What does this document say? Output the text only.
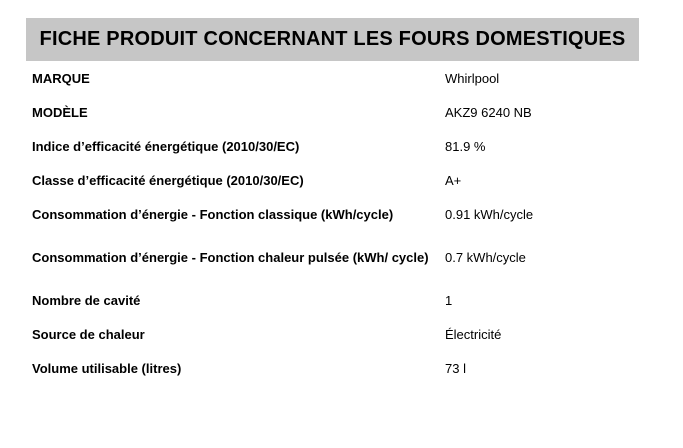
FICHE PRODUIT CONCERNANT LES FOURS DOMESTIQUES
MARQUE	Whirlpool
MODÈLE	AKZ9 6240 NB
Indice d’efficacité énergétique (2010/30/EC)	81.9 %
Classe d’efficacité énergétique (2010/30/EC)	A+
Consommation d’énergie - Fonction classique (kWh/cycle)	0.91 kWh/cycle
Consommation d’énergie - Fonction chaleur pulsée (kWh/ cycle)	0.7 kWh/cycle
Nombre de cavité	1
Source de chaleur	Électricité
Volume utilisable (litres)	73 l
